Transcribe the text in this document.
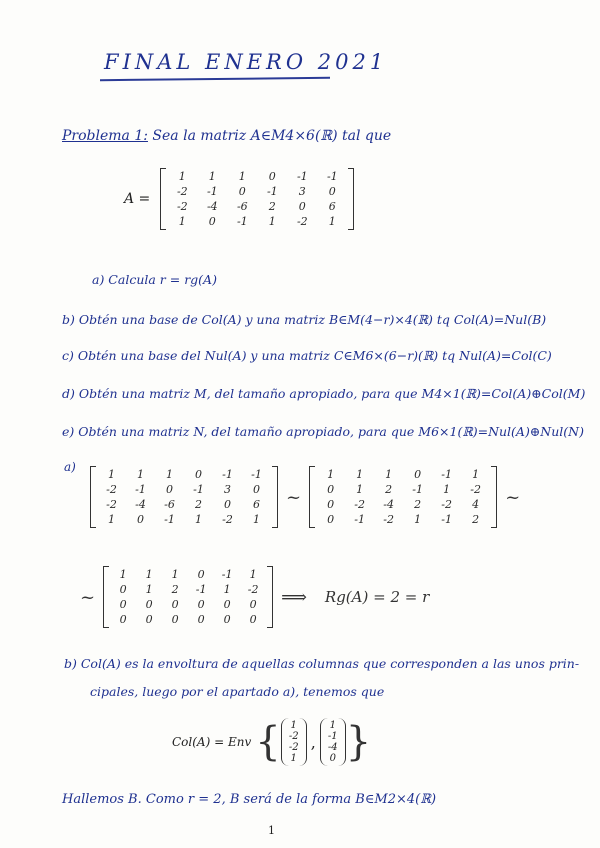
FINAL ENERO 2021
Problema 1: Sea la matriz A∈M4×6(ℝ) tal que
A =
1	1	1	0	-1	-1
-2	-1	0	-1	3	0
-2	-4	-6	2	0	6
1	0	-1	1	-2	1
a) Calcula r = rg(A)
b) Obtén una base de Col(A) y una matriz B∈M(4−r)×4(ℝ) tq Col(A)=Nul(B)
c) Obtén una base del Nul(A) y una matriz C∈M6×(6−r)(ℝ) tq Nul(A)=Col(C)
d) Obtén una matriz M, del tamaño apropiado, para que M4×1(ℝ)=Col(A)⊕Col(M)
e) Obtén una matriz N, del tamaño apropiado, para que M6×1(ℝ)=Nul(A)⊕Nul(N)
a)
1	1	1	0	-1	-1
-2	-1	0	-1	3	0
-2	-4	-6	2	0	6
1	0	-1	1	-2	1
~
1	1	1	0	-1	1
0	1	2	-1	1	-2
0	-2	-4	2	-2	4
0	-1	-2	1	-1	2
~
~
1	1	1	0	-1	1
0	1	2	-1	1	-2
0	0	0	0	0	0
0	0	0	0	0	0
⟹ Rg(A) = 2 = r
b) Col(A) es la envoltura de aquellas columnas que corresponden a las unos prin-
cipales, luego por el apartado a), tenemos que
Col(A) = Env { 1
-2
-2
1
,
1
-1
-4
0 }
Hallemos B. Como r = 2, B será de la forma B∈M2×4(ℝ)
1
